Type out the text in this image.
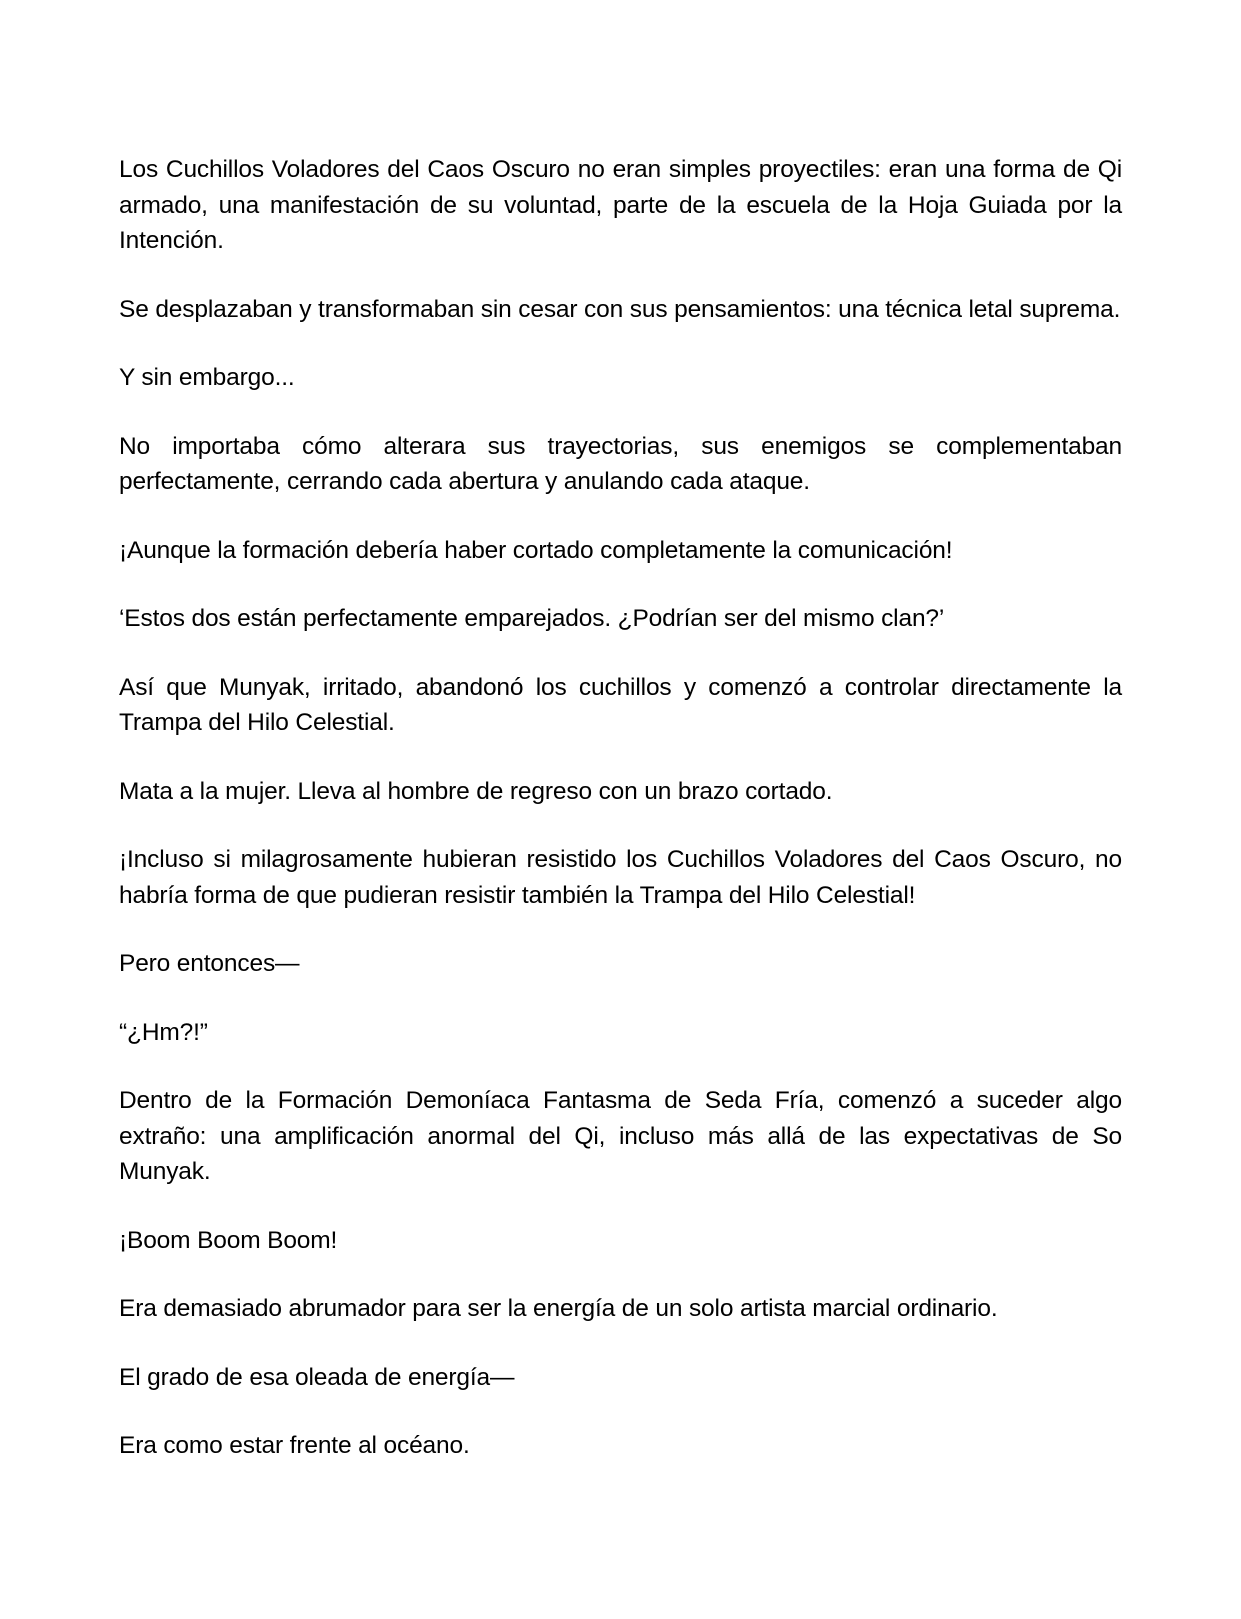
Los Cuchillos Voladores del Caos Oscuro no eran simples proyectiles: eran una forma de Qi armado, una manifestación de su voluntad, parte de la escuela de la Hoja Guiada por la Intención.

Se desplazaban y transformaban sin cesar con sus pensamientos: una técnica letal suprema.

Y sin embargo...

No importaba cómo alterara sus trayectorias, sus enemigos se complementaban perfectamente, cerrando cada abertura y anulando cada ataque.

¡Aunque la formación debería haber cortado completamente la comunicación!

‘Estos dos están perfectamente emparejados. ¿Podrían ser del mismo clan?’

Así que Munyak, irritado, abandonó los cuchillos y comenzó a controlar directamente la Trampa del Hilo Celestial.

Mata a la mujer. Lleva al hombre de regreso con un brazo cortado.

¡Incluso si milagrosamente hubieran resistido los Cuchillos Voladores del Caos Oscuro, no habría forma de que pudieran resistir también la Trampa del Hilo Celestial!

Pero entonces—

“¿Hm?!”

Dentro de la Formación Demoníaca Fantasma de Seda Fría, comenzó a suceder algo extraño: una amplificación anormal del Qi, incluso más allá de las expectativas de So Munyak.

¡Boom Boom Boom!

Era demasiado abrumador para ser la energía de un solo artista marcial ordinario.

El grado de esa oleada de energía—

Era como estar frente al océano.
